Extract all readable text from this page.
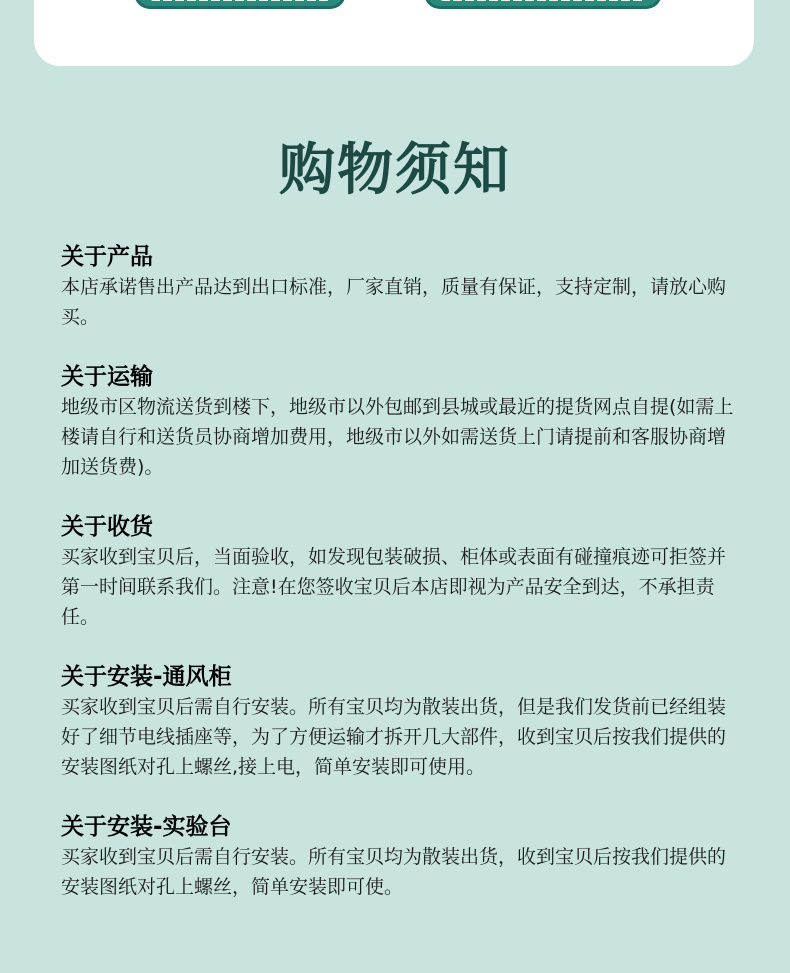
购物须知

关于产品

本店承诺售出产品达到出口标准，厂家直销，质量有保证，支持定制，请放心购买。

关于运输

地级市区物流送货到楼下，地级市以外包邮到县城或最近的提货网点自提(如需上楼请自行和送货员协商增加费用，地级市以外如需送货上门请提前和客服协商增加送货费)。

关于收货

买家收到宝贝后，当面验收，如发现包装破损、柜体或表面有碰撞痕迹可拒签并第一时间联系我们。注意!在您签收宝贝后本店即视为产品安全到达，不承担责任。

关于安装-通风柜

买家收到宝贝后需自行安装。所有宝贝均为散装出货，但是我们发货前已经组装好了细节电线插座等，为了方便运输才拆开几大部件，收到宝贝后按我们提供的安装图纸对孔上螺丝,接上电，简单安装即可使用。

关于安装-实验台

买家收到宝贝后需自行安装。所有宝贝均为散装出货，收到宝贝后按我们提供的安装图纸对孔上螺丝，简单安装即可使。
